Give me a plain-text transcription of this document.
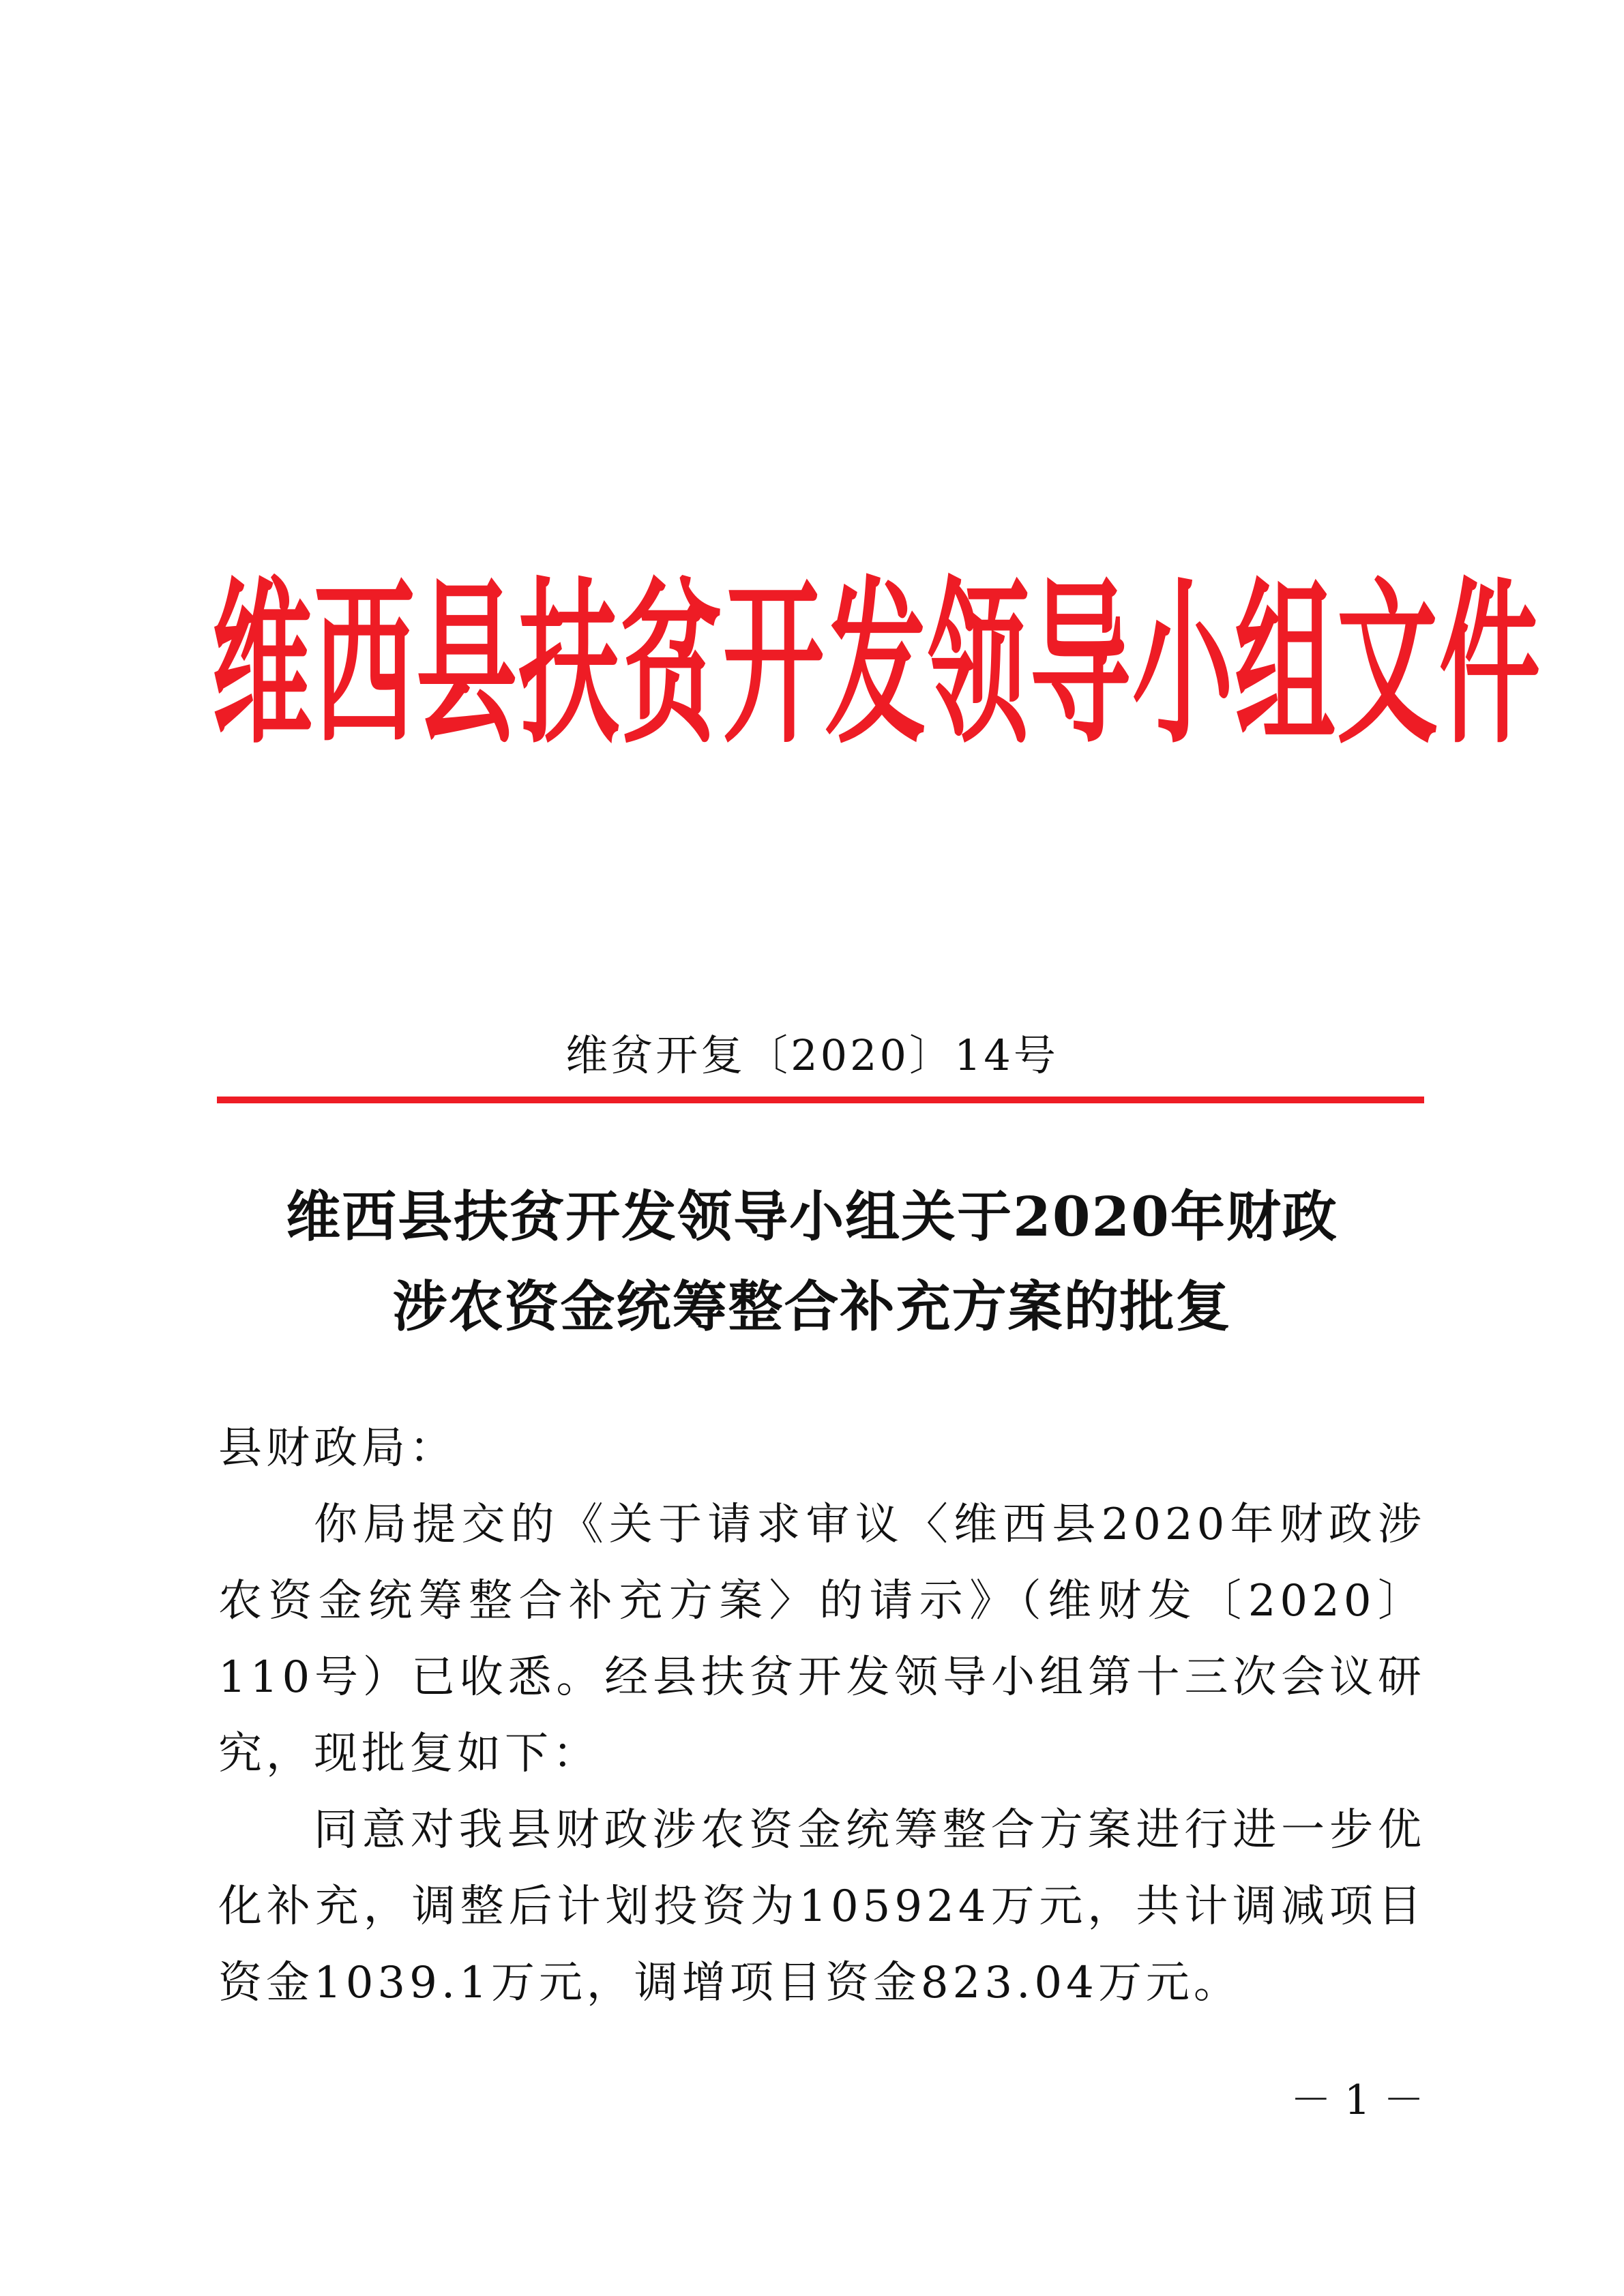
维西县扶贫开发领导小组文件
维贫开复〔2020〕14号
维西县扶贫开发领导小组关于2020年财政
涉农资金统筹整合补充方案的批复

县财政局：

你局提交的《关于请求审议〈维西县2020年财政涉农资金统筹整合补充方案〉的请示》（维财发〔2020〕110号）已收悉。经县扶贫开发领导小组第十三次会议研究，现批复如下：

同意对我县财政涉农资金统筹整合方案进行进一步优化补充，调整后计划投资为105924万元，共计调减项目资金1039.1万元，调增项目资金823.04万元。

－ 1 －
